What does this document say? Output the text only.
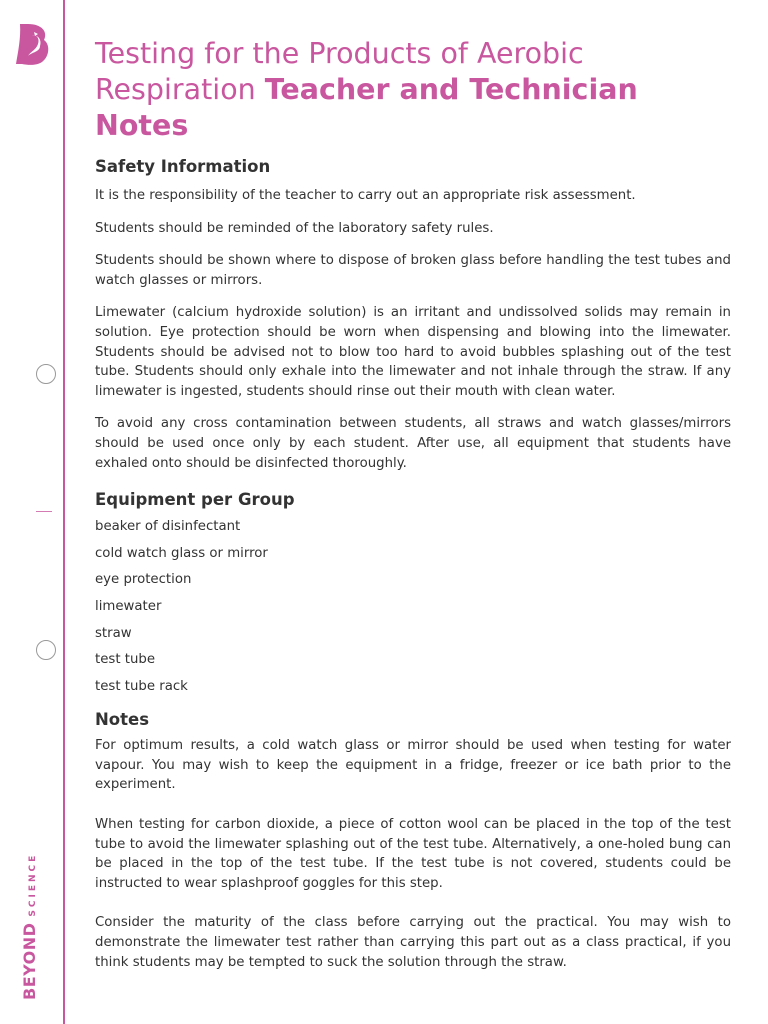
BEYONDSCIENCE
Testing for the Products of Aerobic Respiration Teacher and Technician Notes
Safety Information

It is the responsibility of the teacher to carry out an appropriate risk assessment.

Students should be reminded of the laboratory safety rules.

Students should be shown where to dispose of broken glass before handling the test tubes and watch glasses or mirrors.

Limewater (calcium hydroxide solution) is an irritant and undissolved solids may remain in solution. Eye protection should be worn when dispensing and blowing into the limewater. Students should be advised not to blow too hard to avoid bubbles splashing out of the test tube. Students should only exhale into the limewater and not inhale through the straw. If any limewater is ingested, students should rinse out their mouth with clean water.

To avoid any cross contamination between students, all straws and watch glasses/mirrors should be used once only by each student. After use, all equipment that students have exhaled onto should be disinfected thoroughly.

Equipment per Group
beaker of disinfectant
cold watch glass or mirror
eye protection
limewater
straw
test tube
test tube rack
Notes

For optimum results, a cold watch glass or mirror should be used when testing for water vapour. You may wish to keep the equipment in a fridge, freezer or ice bath prior to the experiment.

When testing for carbon dioxide, a piece of cotton wool can be placed in the top of the test tube to avoid the limewater splashing out of the test tube. Alternatively, a one-holed bung can be placed in the top of the test tube. If the test tube is not covered, students could be instructed to wear splashproof goggles for this step.

Consider the maturity of the class before carrying out the practical. You may wish to demonstrate the limewater test rather than carrying this part out as a class practical, if you think students may be tempted to suck the solution through the straw.
